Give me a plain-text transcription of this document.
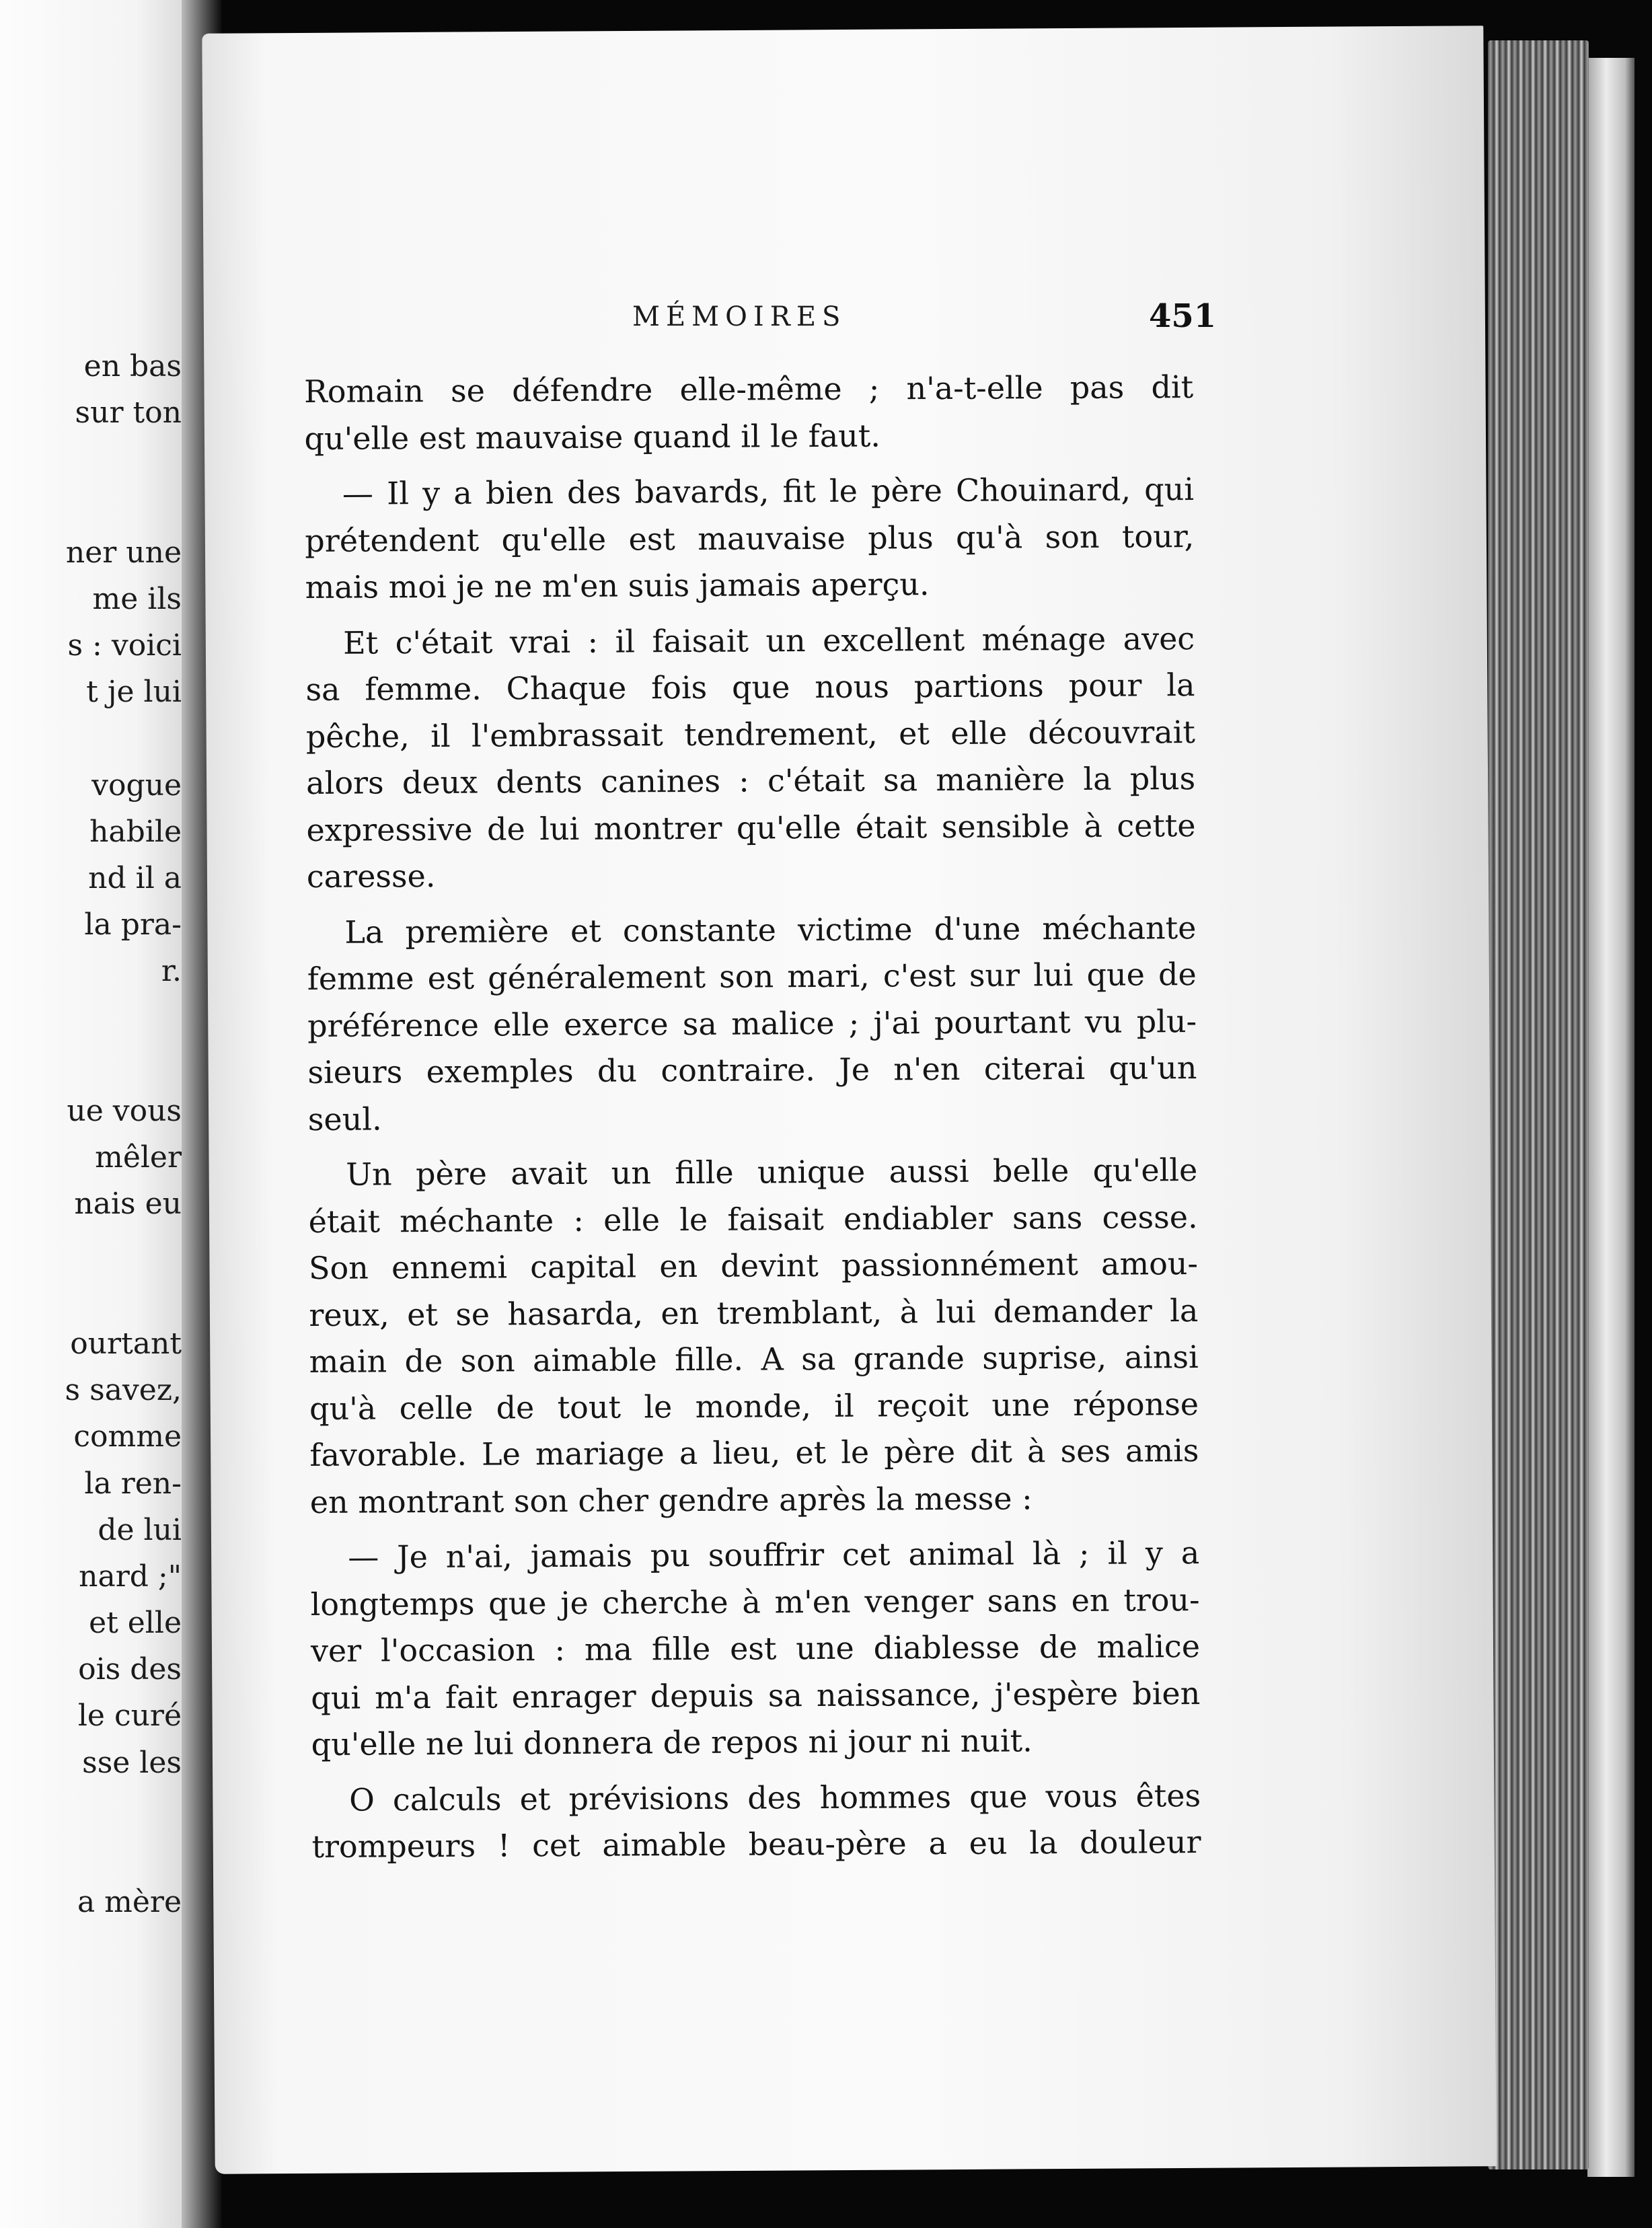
en bas
sur ton
ner une
me ils
s : voici
t je lui
vogue
habile
nd il a
la pra-
r.
ue vous
mêler
nais eu
ourtant
s savez,
comme
la ren-
de lui
nard ;"
et elle
ois des
le curé
sse les
a mère
MÉMOIRES	451

Romain se défendre elle-même ; n'a-t-elle pas dit
qu'elle est mauvaise quand il le faut.

— Il y a bien des bavards, fit le père Chouinard, qui
prétendent qu'elle est mauvaise plus qu'à son tour,
mais moi je ne m'en suis jamais aperçu.

Et c'était vrai : il faisait un excellent ménage avec
sa femme. Chaque fois que nous partions pour la
pêche, il l'embrassait tendrement, et elle découvrait
alors deux dents canines : c'était sa manière la plus
expressive de lui montrer qu'elle était sensible à cette
caresse.

La première et constante victime d'une méchante
femme est généralement son mari, c'est sur lui que de
préférence elle exerce sa malice ; j'ai pourtant vu plu-
sieurs exemples du contraire. Je n'en citerai qu'un
seul.

Un père avait un fille unique aussi belle qu'elle
était méchante : elle le faisait endiabler sans cesse.
Son ennemi capital en devint passionnément amou-
reux, et se hasarda, en tremblant, à lui demander la
main de son aimable fille. A sa grande suprise, ainsi
qu'à celle de tout le monde, il reçoit une réponse
favorable. Le mariage a lieu, et le père dit à ses amis
en montrant son cher gendre après la messe :

— Je n'ai, jamais pu souffrir cet animal là ; il y a
longtemps que je cherche à m'en venger sans en trou-
ver l'occasion : ma fille est une diablesse de malice
qui m'a fait enrager depuis sa naissance, j'espère bien
qu'elle ne lui donnera de repos ni jour ni nuit.

O calculs et prévisions des hommes que vous êtes
trompeurs ! cet aimable beau-père a eu la douleur
